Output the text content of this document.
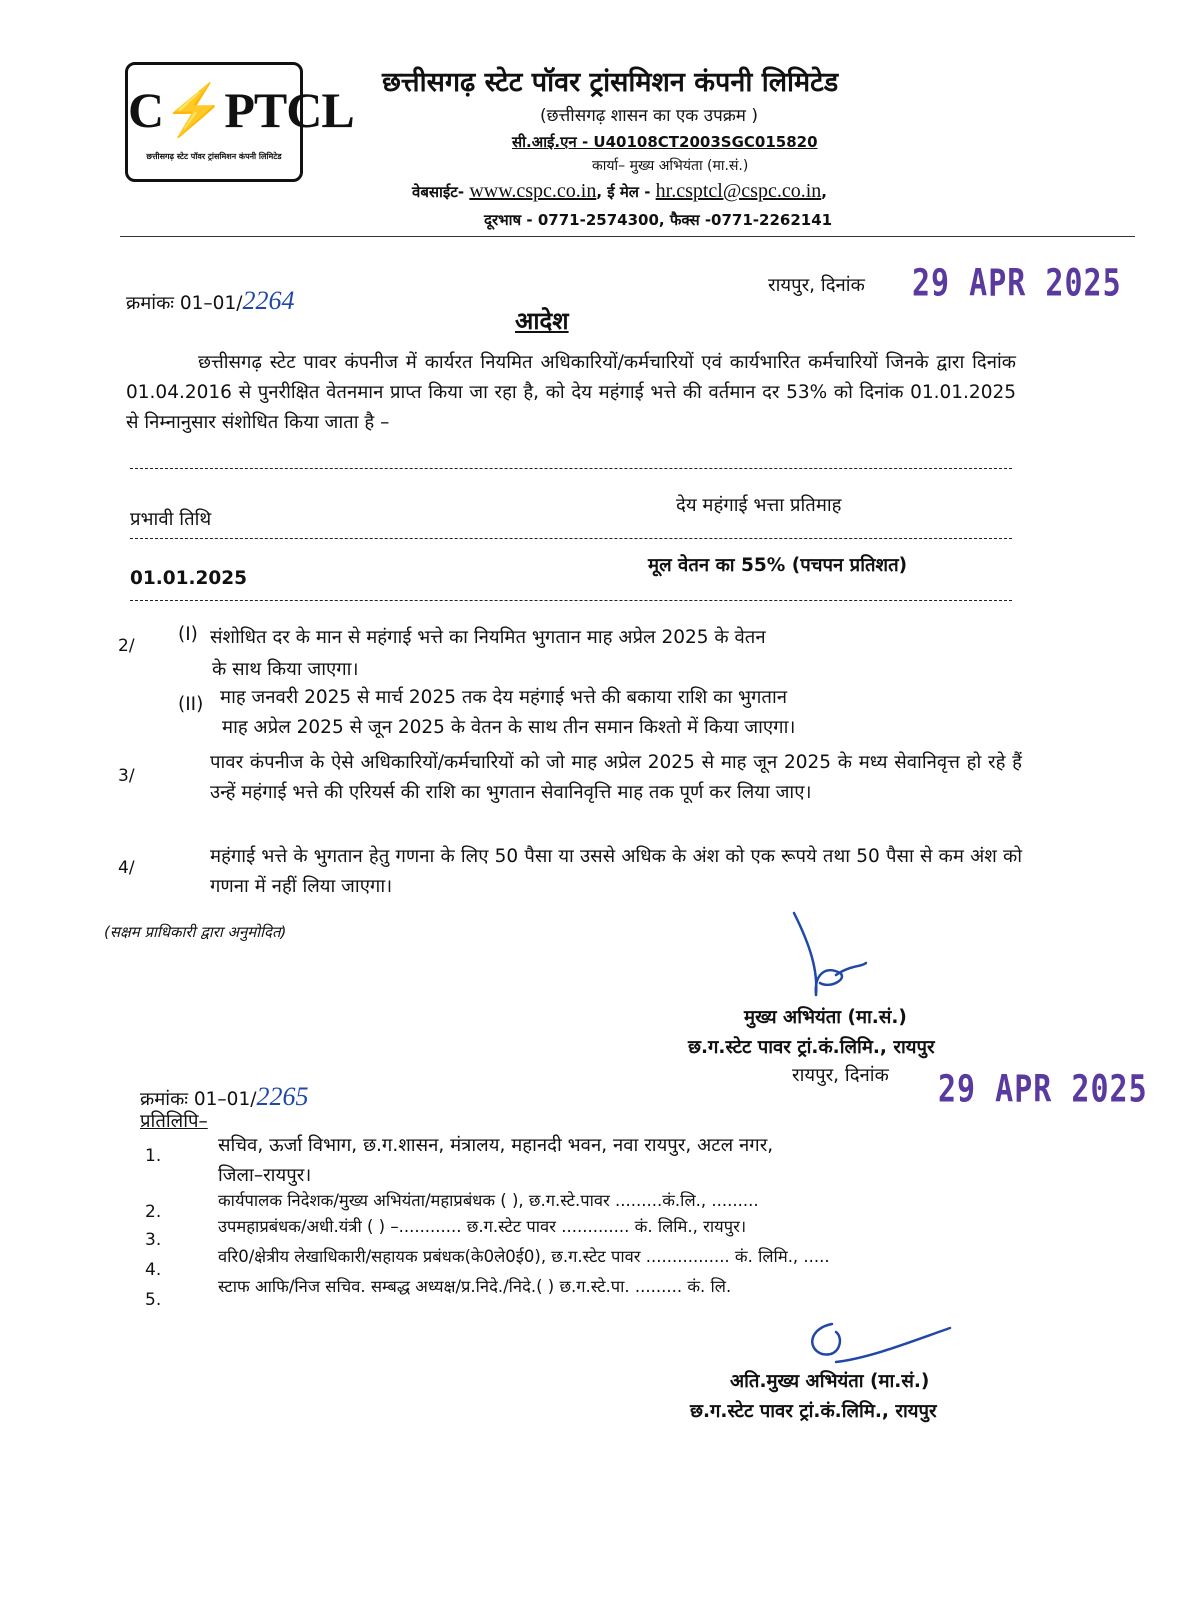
C⚡PTCL
छत्तीसगढ़ स्टेट पॉवर ट्रांसमिशन कंपनी लिमिटेड
छत्तीसगढ़ स्टेट पॉवर ट्रांसमिशन कंपनी लिमिटेड
(छत्तीसगढ़ शासन का एक उपक्रम )
सी.आई.एन - U40108CT2003SGC015820
कार्या– मुख्य अभियंता (मा.सं.)
वेबसाईट- www.cspc.co.in, ई मेल - hr.csptcl@cspc.co.in,
दूरभाष - 0771-2574300, फैक्स -0771-2262141
क्रमांकः 01–01/2264
रायपुर, दिनांक 29 APR 2025
आदेश
छत्तीसगढ़ स्टेट पावर कंपनीज में कार्यरत नियमित अधिकारियों/कर्मचारियों एवं कार्यभारित कर्मचारियों जिनके द्वारा दिनांक 01.04.2016 से पुनरीक्षित वेतनमान प्राप्त किया जा रहा है, को देय महंगाई भत्ते की वर्तमान दर 53% को दिनांक 01.01.2025 से निम्नानुसार संशोधित किया जाता है –
प्रभावी तिथि
देय महंगाई भत्ता प्रतिमाह
01.01.2025
मूल वेतन का 55% (पचपन प्रतिशत)
2/
(I) संशोधित दर के मान से महंगाई भत्ते का नियमित भुगतान माह अप्रेल 2025 के वेतन
के साथ किया जाएगा।
(II) माह जनवरी 2025 से मार्च 2025 तक देय महंगाई भत्ते की बकाया राशि का भुगतान
माह अप्रेल 2025 से जून 2025 के वेतन के साथ तीन समान किश्तो में किया जाएगा।
3/
पावर कंपनीज के ऐसे अधिकारियों/कर्मचारियों को जो माह अप्रेल 2025 से माह जून 2025 के मध्य सेवानिवृत्त हो रहे हैं उन्हें महंगाई भत्ते की एरियर्स की राशि का भुगतान सेवानिवृत्ति माह तक पूर्ण कर लिया जाए।
4/
महंगाई भत्ते के भुगतान हेतु गणना के लिए 50 पैसा या उससे अधिक के अंश को एक रूपये तथा 50 पैसा से कम अंश को गणना में नहीं लिया जाएगा।
(सक्षम प्राधिकारी द्वारा अनुमोदित)
मुख्य अभियंता (मा.सं.)
छ.ग.स्टेट पावर ट्रां.कं.लिमि., रायपुर
रायपुर, दिनांक 29 APR 2025
क्रमांकः 01–01/2265
प्रतिलिपि–
1.	सचिव, ऊर्जा विभाग, छ.ग.शासन, मंत्रालय, महानदी भवन, नवा रायपुर, अटल नगर,
जिला–रायपुर।
2.
कार्यपालक निदेशक/मुख्य अभियंता/महाप्रबंधक ( ), छ.ग.स्टे.पावर .........कं.लि., .........
3.
उपमहाप्रबंधक/अधी.यंत्री ( ) –............ छ.ग.स्टेट पावर ............. कं. लिमि., रायपुर।
4.
वरि0/क्षेत्रीय लेखाधिकारी/सहायक प्रबंधक(के0ले0ई0), छ.ग.स्टेट पावर ................ कं. लिमि., .....
5.
स्टाफ आफि/निज सचिव. सम्बद्ध अध्यक्ष/प्र.निदे./निदे.( ) छ.ग.स्टे.पा. ......... कं. लि.
अति.मुख्य अभियंता (मा.सं.)
छ.ग.स्टेट पावर ट्रां.कं.लिमि., रायपुर
